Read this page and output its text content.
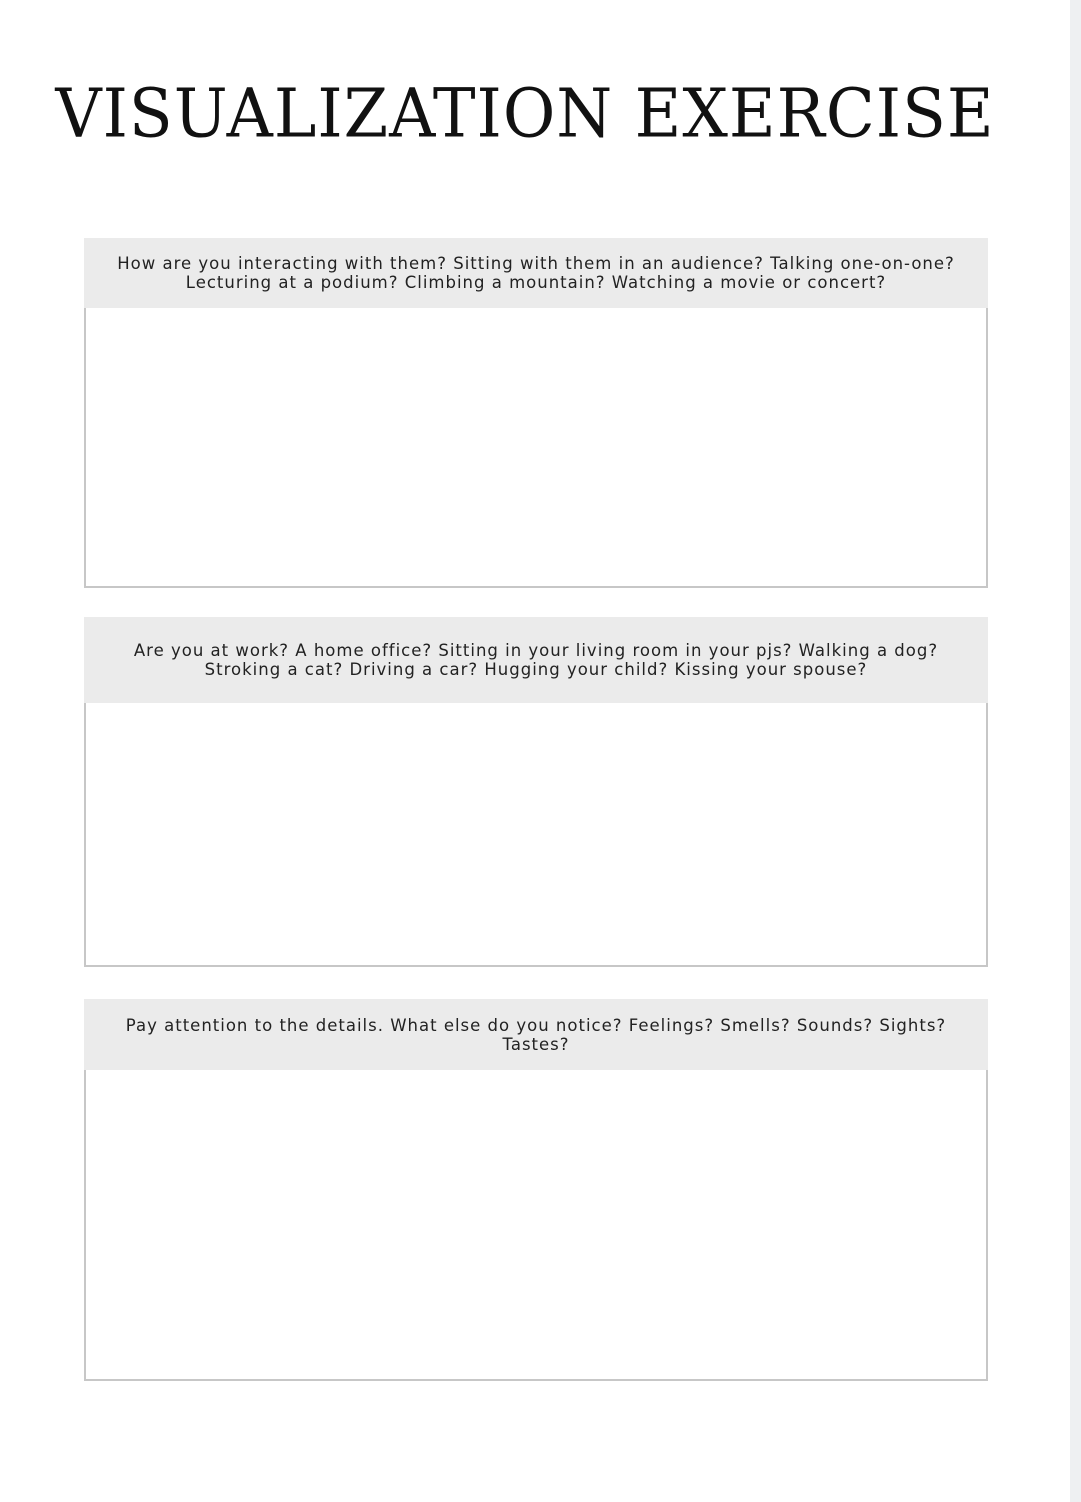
VISUALIZATION EXERCISE
How are you interacting with them? Sitting with them in an audience? Talking one-on-one? Lecturing at a podium? Climbing a mountain? Watching a movie or concert?
Are you at work? A home office? Sitting in your living room in your pjs? Walking a dog? Stroking a cat? Driving a car? Hugging your child? Kissing your spouse?
Pay attention to the details. What else do you notice? Feelings? Smells? Sounds? Sights? Tastes?
